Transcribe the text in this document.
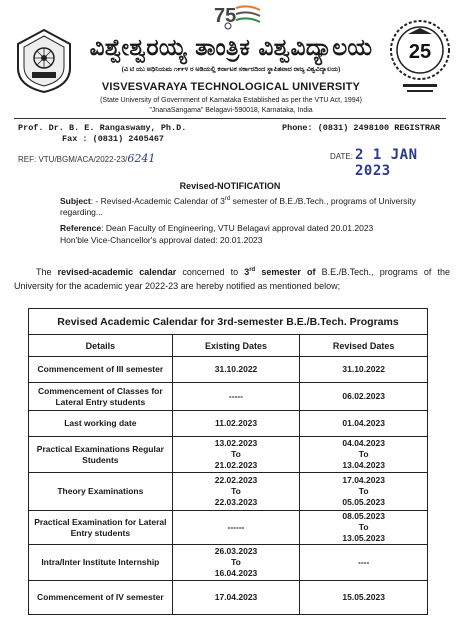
75
25
ವಿಶ್ವೇಶ್ವರಯ್ಯ ತಾಂತ್ರಿಕ ವಿಶ್ವವಿದ್ಯಾಲಯ
(ವಿ ಟಿ ಯು ಅಧಿನಿಯಮ ೧೯೯೪ ರ ಅಡಿಯಲ್ಲಿ ಕರ್ನಾಟಕ ಸರ್ಕಾರದಿಂದ ಸ್ಥಾಪಿತವಾದ ರಾಜ್ಯ ವಿಶ್ವವಿದ್ಯಾಲಯ)
VISVESVARAYA TECHNOLOGICAL UNIVERSITY
(State University of Government of Karnataka Established as per the VTU Act, 1994)
"JnanaSangama" Belagavi-590018, Karnataka, India
Prof. Dr. B. E. Rangaswamy, Ph.D.
Fax : (0831) 2405467
Phone: (0831) 2498100 REGISTRAR
REF: VTU/BGM/ACA/2022-23/6241	DATE: 2 1 JAN 2023
Revised-NOTIFICATION
Subject: - Revised-Academic Calendar of 3rd semester of B.E./B.Tech., programs of University regarding...
Reference: Dean Faculty of Engineering, VTU Belagavi approval dated 20.01.2023
Hon'ble Vice-Chancellor's approval dated: 20.01.2023
The revised-academic calendar concerned to 3rd semester of B.E./B.Tech., programs of the University for the academic year 2022-23 are hereby notified as mentioned below;
Revised Academic Calendar for 3rd-semester B.E./B.Tech. Programs		
Details	Existing Dates	Revised Dates
Commencement of III semester	31.10.2022	31.10.2022
Commencement of Classes for Lateral Entry students	-----	06.02.2023
Last working date	11.02.2023	01.04.2023
Practical Examinations Regular Students	13.02.2023
To
21.02.2023	04.04.2023
To
13.04.2023
Theory Examinations	22.02.2023
To
22.03.2023	17.04.2023
To
05.05.2023
Practical Examination for Lateral Entry students	------	08.05.2023
To
13.05.2023
Intra/Inter Institute Internship	26.03.2023
To
16.04.2023	----
Commencement of IV semester	17.04.2023	15.05.2023
